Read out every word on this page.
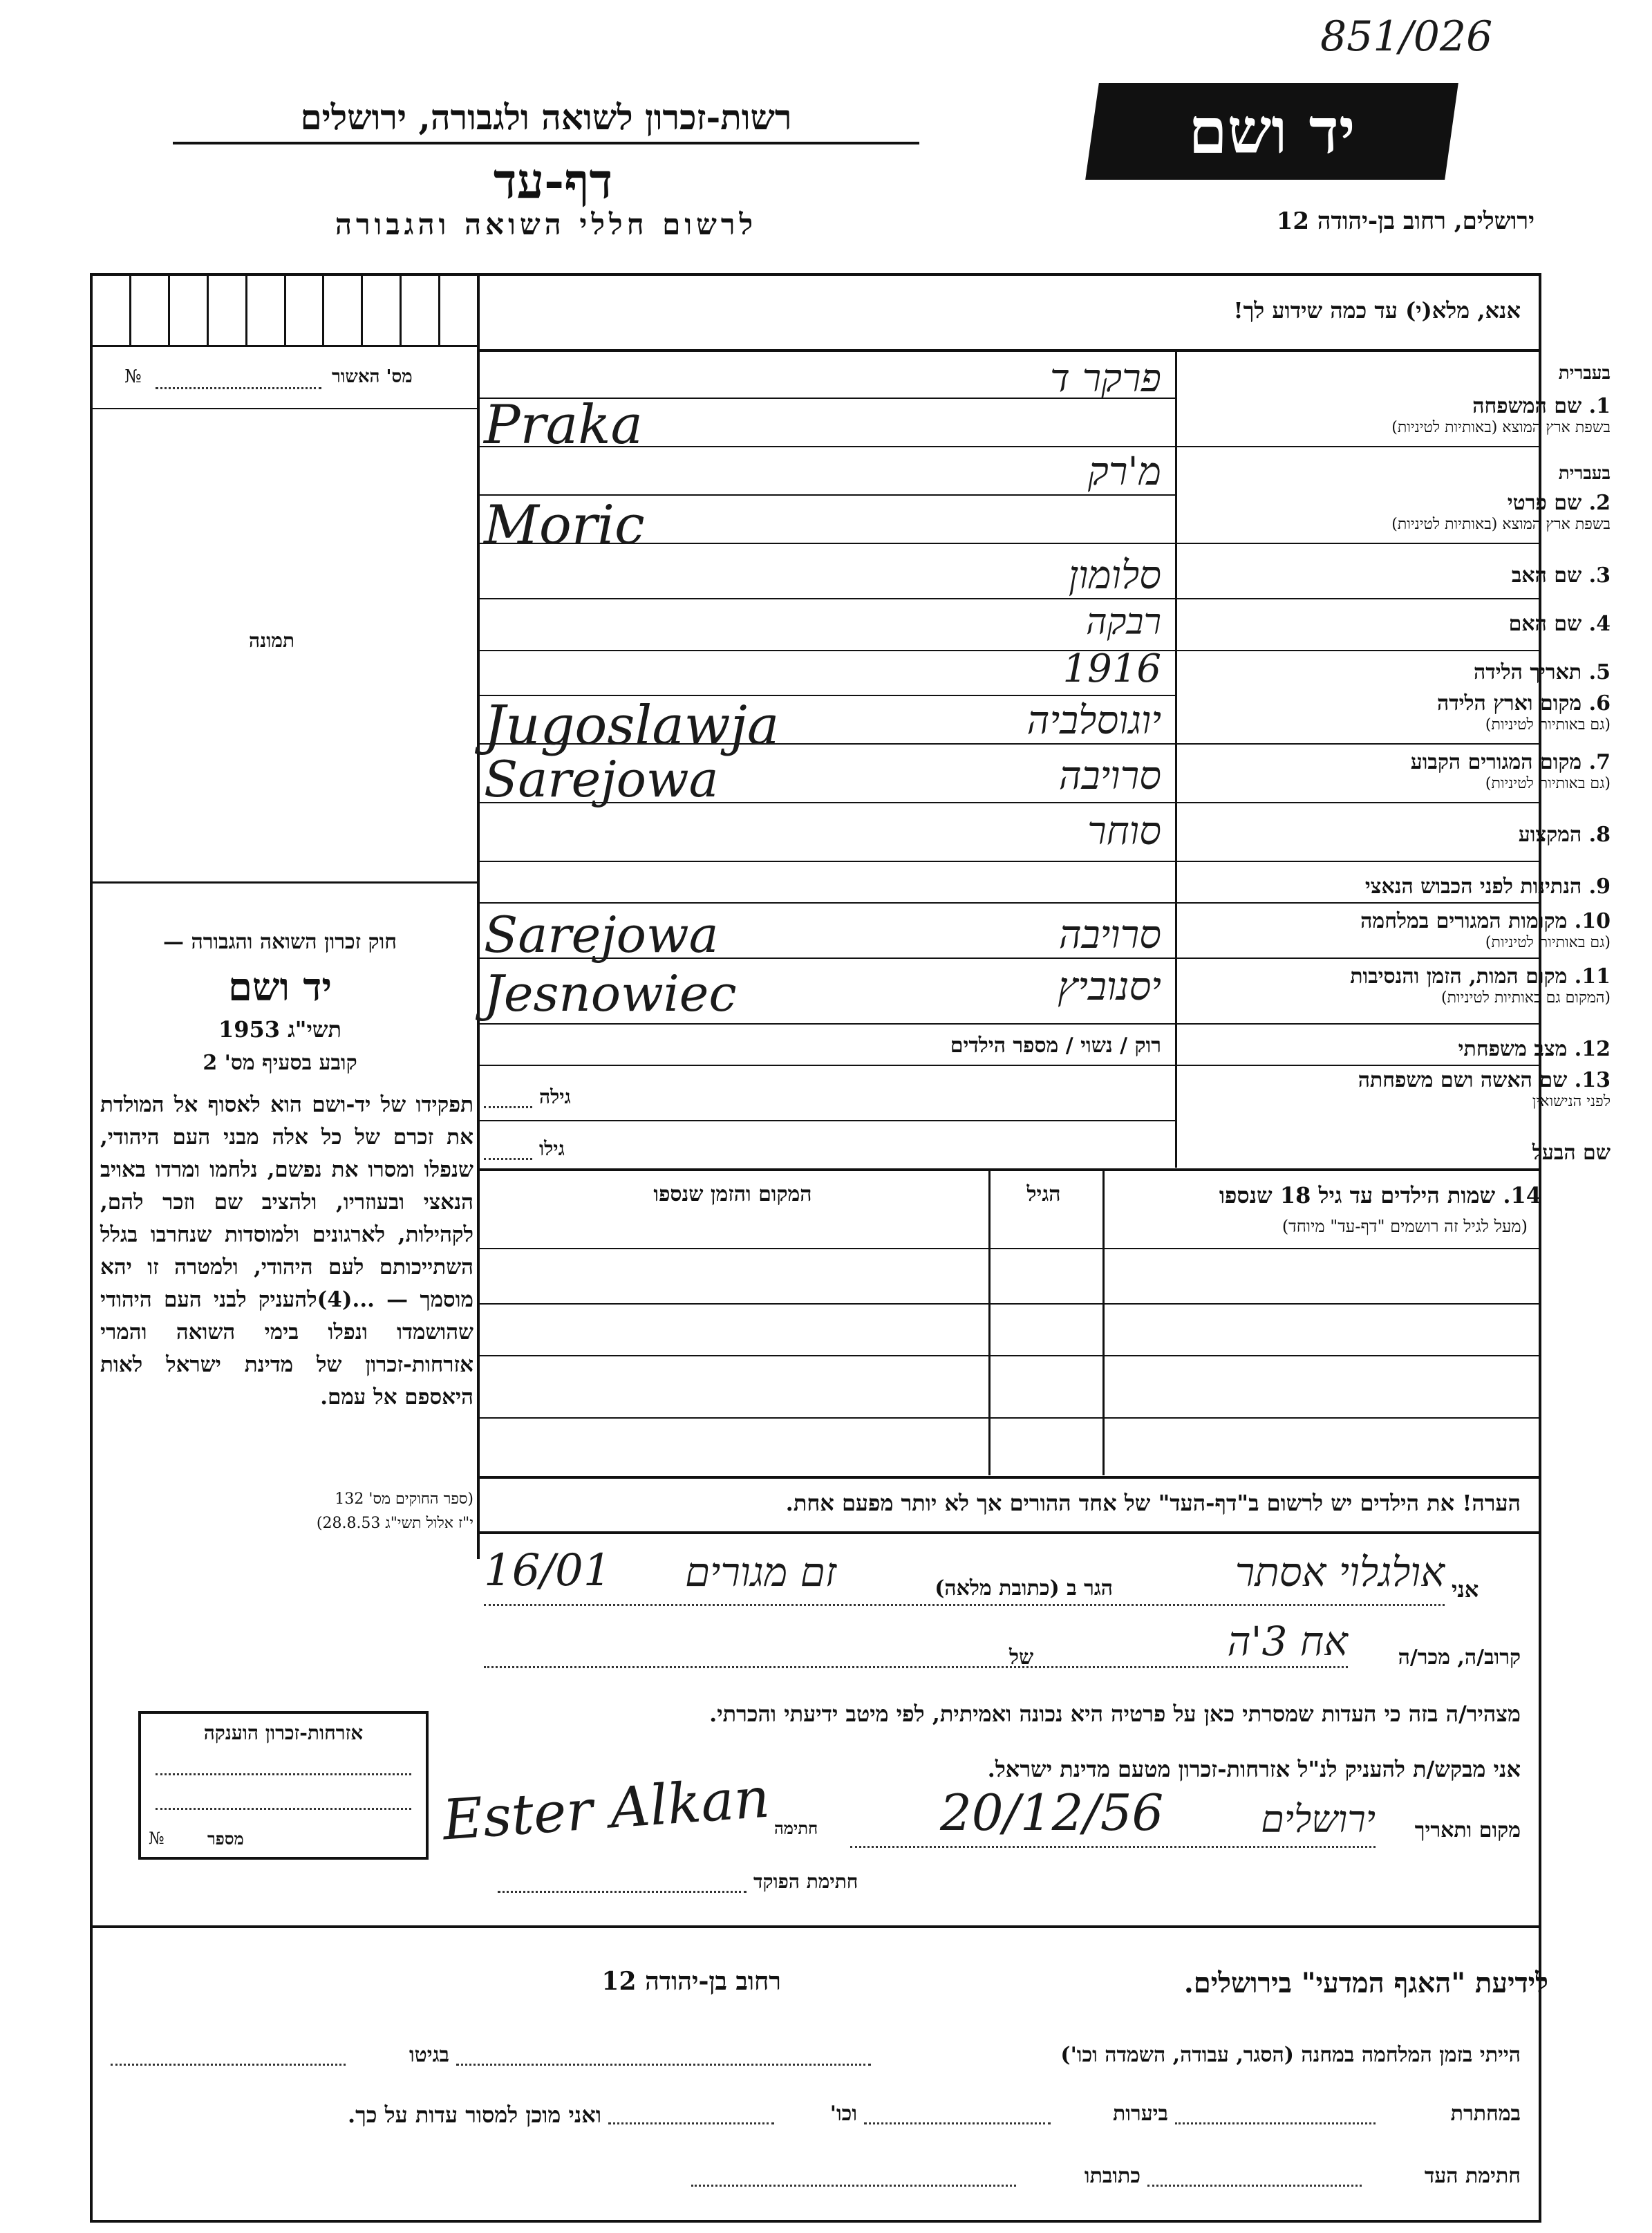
851/026
רשות-זכרון לשואה ולגבורה, ירושלים
דף-עד
לרשום חללי השואה והגבורה	ירושלים, רחוב בן-יהודה 12
יד ושם
מס' האשור
№
תמונה
חוק זכרון השואה והגבורה —
יד ושם
תשי"ג 1953
קובע בסעיף מס' 2
תפקידו של יד-ושם הוא לאסוף אל המולדת את זכרם של כל אלה מבני העם היהודי, שנפלו ומסרו את נפשם, נלחמו ומרדו באויב הנאצי ובעוזריו, ולהציב שם וזכר להם, לקהילות, לארגונים ולמוסדות שנחרבו בגלל השתייכותם לעם היהודי, ולמטרה זו יהא מוסמך — ...(4)להעניק לבני העם היהודי שהושמדו ונפלו בימי השואה והמרי אזרחות-זכרון של מדינת ישראל לאות היאספם אל עמם.
(ספר החוקים מס' 132
י"ז אלול תשי"ג 28.8.53)
אנא, מלא(י) עד כמה שידוע לך!
בעברית
1. שם המשפחה
בשפת ארץ המוצא (באותיות לטיניות)
בעברית
2. שם פרטי
בשפת ארץ המוצא (באותיות לטיניות)
3. שם האב
4. שם האם
5. תאריך הלידה
6. מקום וארץ הלידה
(גם באותיות לטיניות)
7. מקום המגורים הקבוע
(גם באותיות לטיניות)
8. המקצוע
9. הנתינות לפני הכבוש הנאצי
10. מקומות המגורים במלחמה
(גם באותיות לטיניות)
11. מקום המות, הזמן והנסיבות
(המקום גם באותיות לטיניות)
12. מצב משפחתי
13. שם האשה ושם משפחתה
לפני הנישואין
שם הבעל
פרקר ד
Praka
מ'רק
Moric
סלומון
רבקה
1916
יוגוסלביה
Jugoslawja
סרויבה
Sarejowa
סוחר
סרויבה
Sarejowa
יסנוביץ
Jesnowiec
רוק / נשוי / מספר הילדים
גילה
גילו
14. שמות הילדים עד גיל 18 שנספו
(מעל לגיל זה רושמים "דף-עד" מיוחד)
הגיל
המקום והזמן שנספו
הערה! את הילדים יש לרשום ב"דף-העד" של אחד ההורים אך לא יותר מפעם אחת.
אני
אולגלוי אסתר
הגר ב (כתובת מלאה)
זם מגורים
16/01
קרוב/ה, מכר/ה
אח 3'ה
של
מצהיר/ה בזה כי העדות שמסרתי כאן על פרטיה היא נכונה ואמיתית, לפי מיטב ידיעתי והכרתי.
אני מבקש/ת להעניק לנ"ל אזרחות-זכרון מטעם מדינת ישראל.
מקום ותאריך
ירושלים
20/12/56
חתימה
Ester Alkan
חתימת הפוקד
אזרחות-זכרון הוענקה
מספר
№
לידיעת "האגף המדעי" בירושלים.
רחוב בן-יהודה 12
הייתי בזמן המלחמה במחנה (הסגר, עבודה, השמדה וכו')
בגיטו
במחתרת
ביערות
וכו'
ואני מוכן למסור עדות על כך.
חתימת העד
כתובתו
